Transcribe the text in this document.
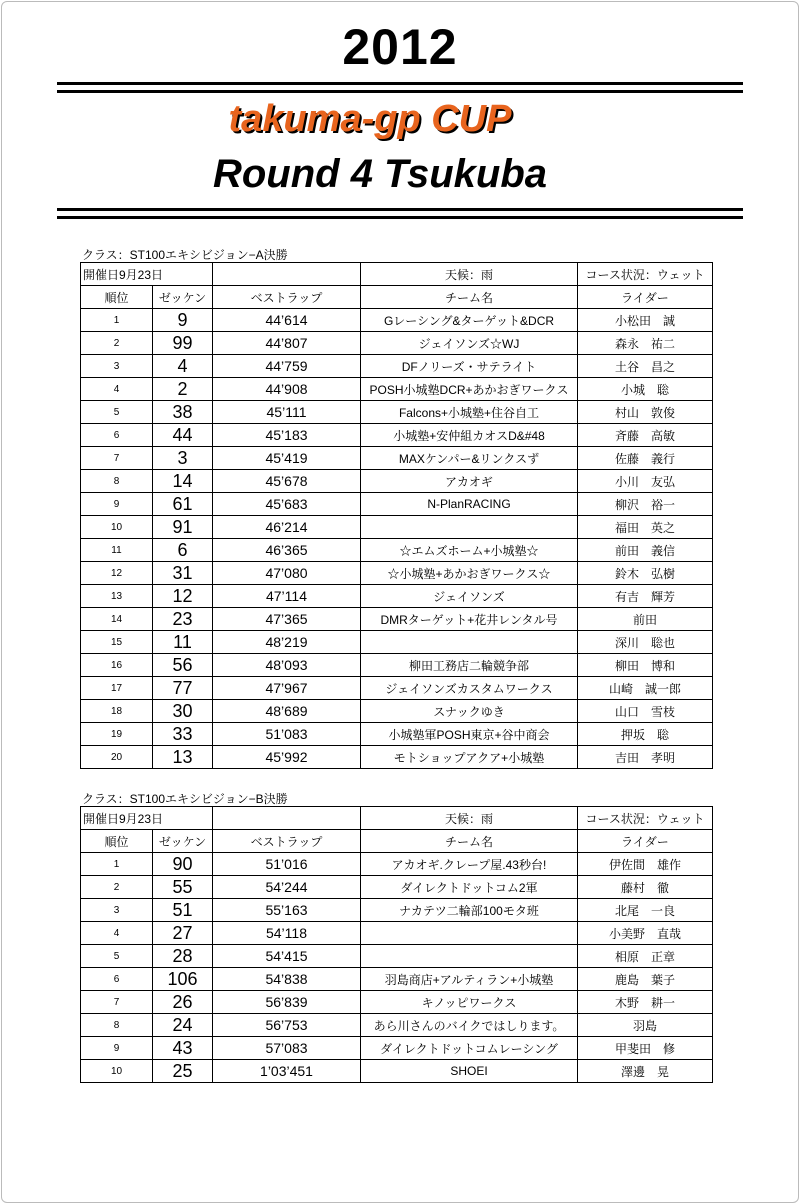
2012
takuma-gp CUP
Round 4 Tsukuba
クラス：ST100エキシビジョン−A決勝
開催日9月23日			天候：雨	コース状況：ウェット
順位	ゼッケン	ベストラップ	チーム名	ライダー
1	9	44’614	Gレーシング&ターゲット&DCR	小松田　誠
2	99	44’807	ジェイソンズ☆WJ	森永　祐二
3	4	44’759	DFノリーズ・サテライト	土谷　昌之
4	2	44’908	POSH小城塾DCR+あかおぎワークス	小城　聡
5	38	45’111	Falcons+小城塾+住谷自工	村山　敦俊
6	44	45’183	小城塾+安仲組カオスD&#48	斉藤　高敏
7	3	45’419	MAXケンパー&リンクスず	佐藤　義行
8	14	45’678	アカオギ	小川　友弘
9	61	45’683	N-PlanRACING	柳沢　裕一
10	91	46’214		福田　英之
11	6	46’365	☆エムズホーム+小城塾☆	前田　義信
12	31	47’080	☆小城塾+あかおぎワークス☆	鈴木　弘樹
13	12	47’114	ジェイソンズ	有吉　輝芳
14	23	47’365	DMRターゲット+花井レンタル号	前田
15	11	48’219		深川　聡也
16	56	48’093	柳田工務店二輪競争部	柳田　博和
17	77	47’967	ジェイソンズカスタムワークス	山崎　誠一郎
18	30	48’689	スナックゆき	山口　雪枝
19	33	51’083	小城塾軍POSH東京+谷中商会	押坂　聡
20	13	45’992	モトショップアクア+小城塾	吉田　孝明
クラス：ST100エキシビジョン−B決勝
開催日9月23日			天候：雨	コース状況：ウェット
順位	ゼッケン	ベストラップ	チーム名	ライダー
1	90	51’016	アカオギ.クレープ屋.43秒台!	伊佐間　雄作
2	55	54’244	ダイレクトドットコム2軍	藤村　徹
3	51	55’163	ナカテツ二輪部100モタ班	北尾　一良
4	27	54’118		小美野　直哉
5	28	54’415		相原　正章
6	106	54’838	羽島商店+アルティラン+小城塾	鹿島　葉子
7	26	56’839	キノッピワークス	木野　耕一
8	24	56’753	あら川さんのバイクではしります。	羽島
9	43	57’083	ダイレクトドットコムレーシング	甲斐田　修
10	25	1’03’451	SHOEI	澤邊　晃
